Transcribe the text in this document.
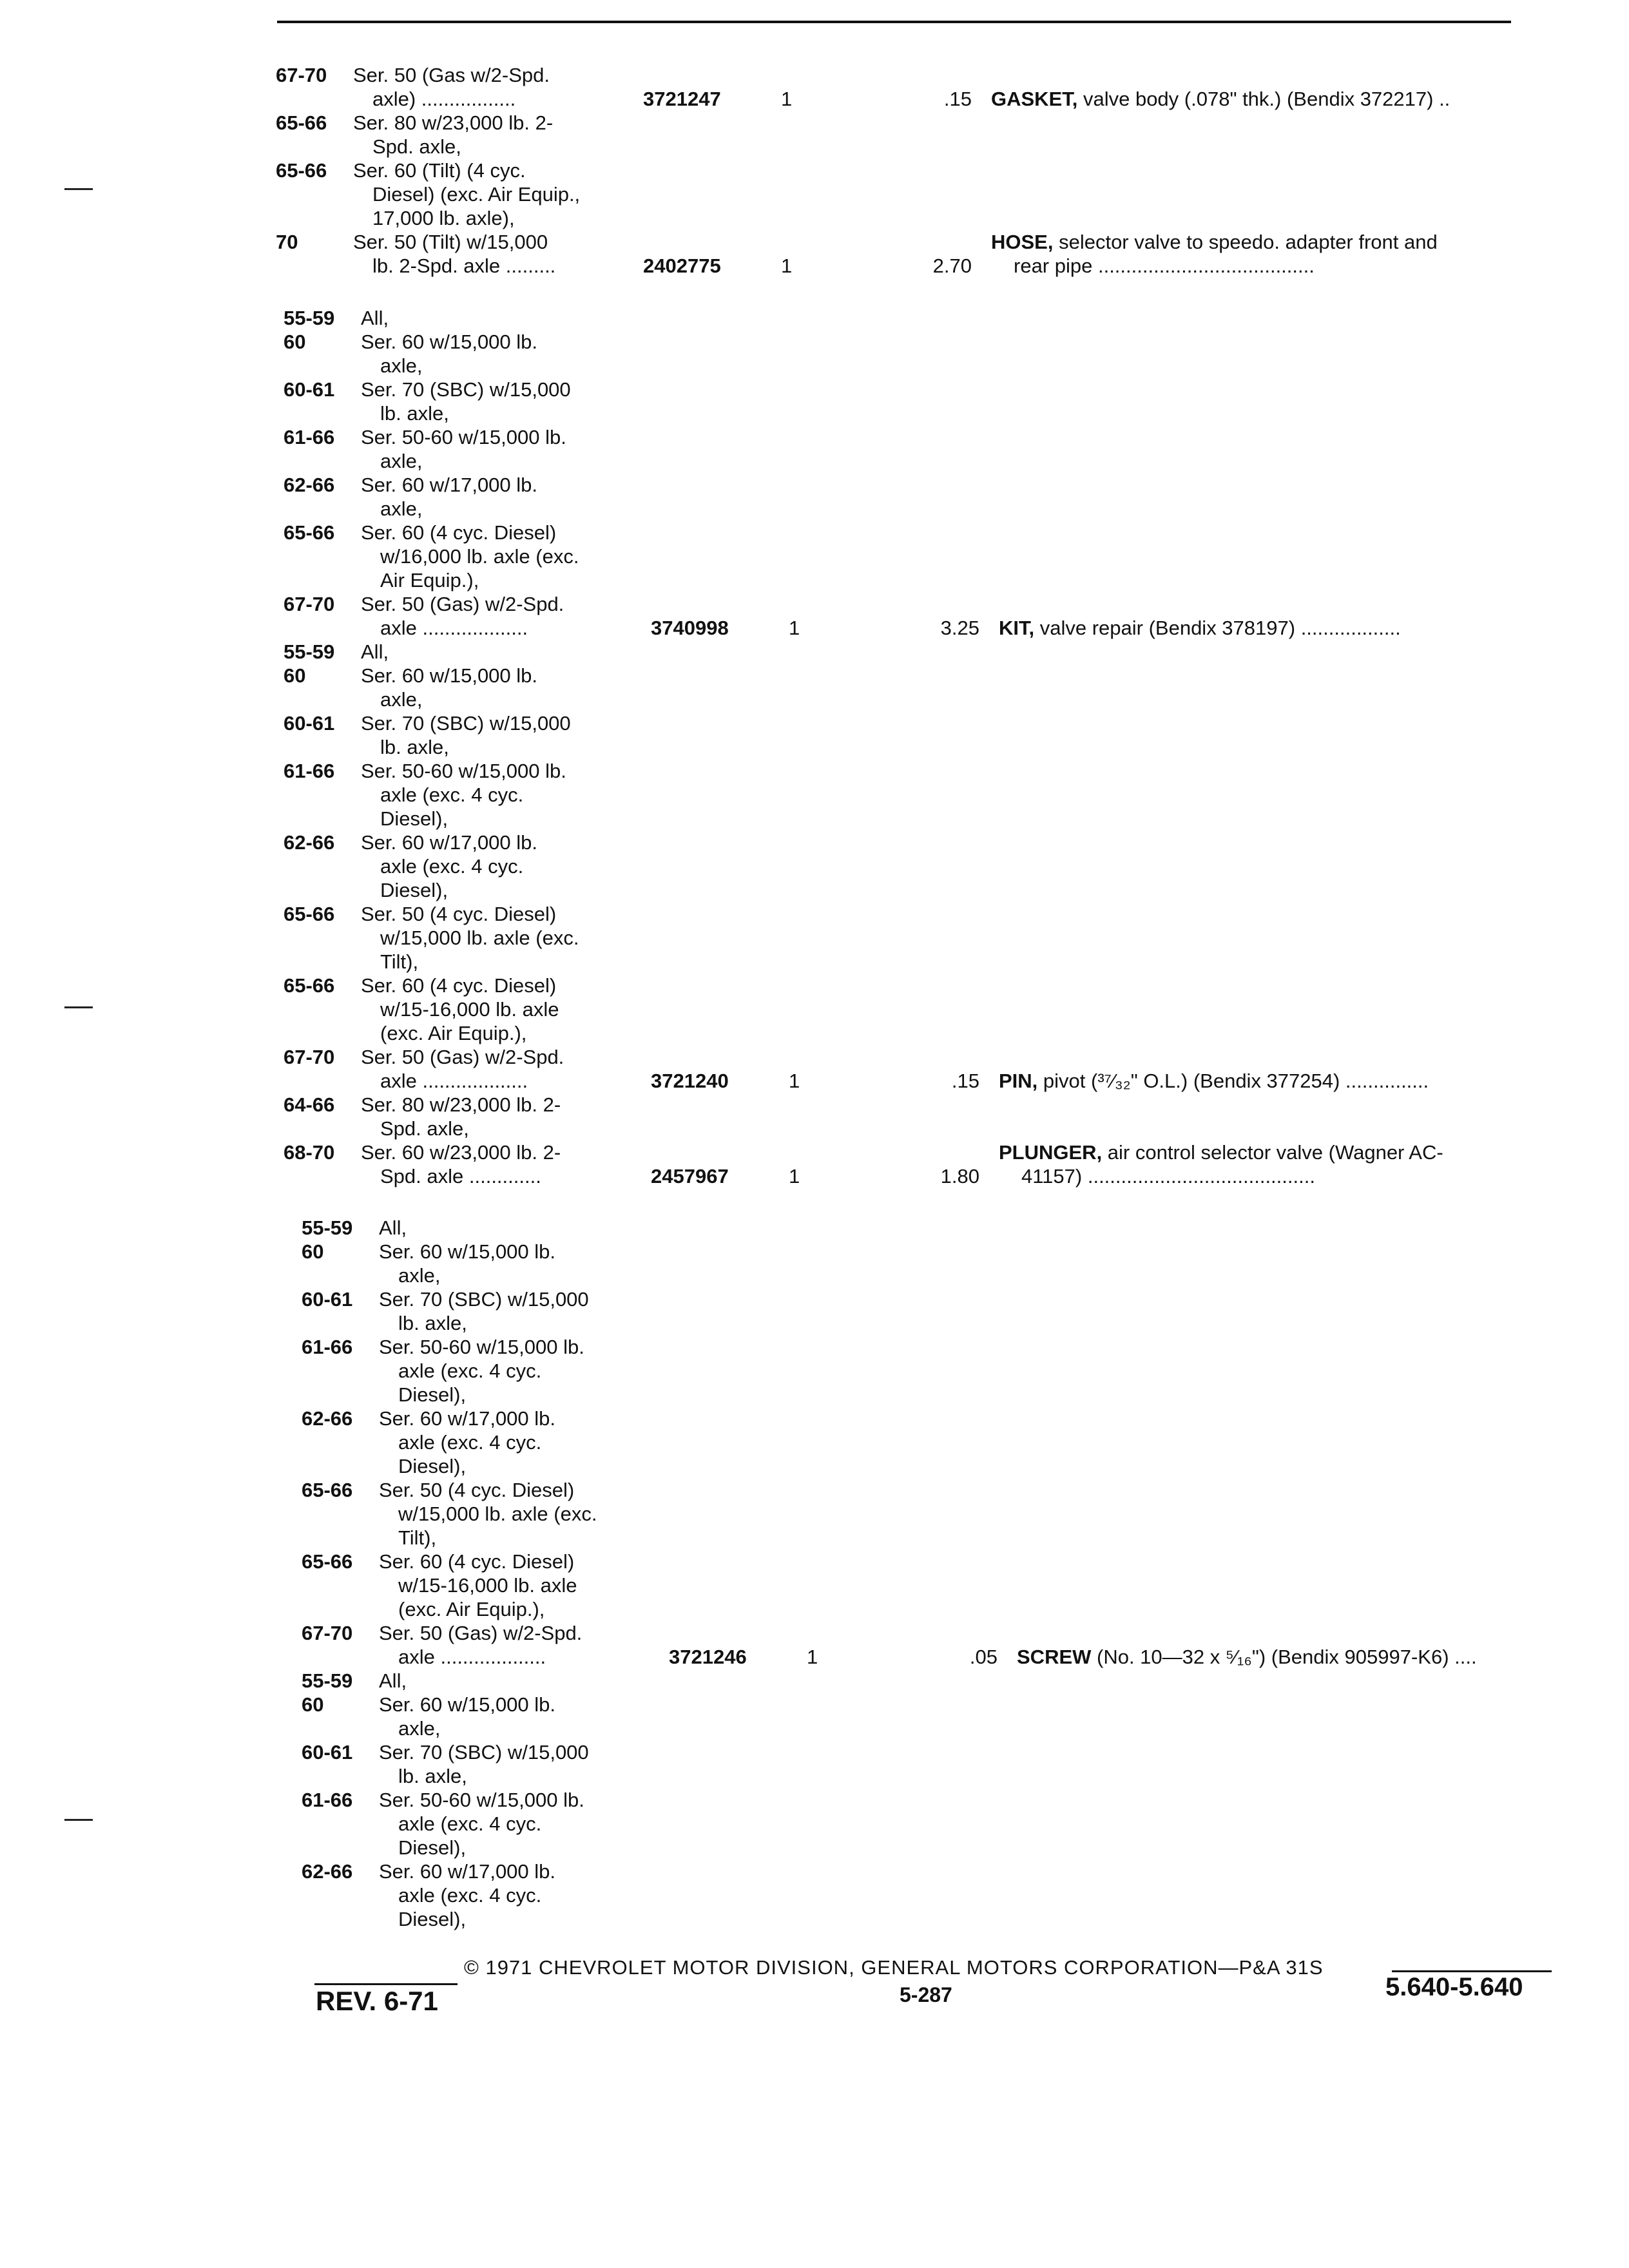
67-70	Ser. 50 (Gas w/2-Spd.
axle) .................	3721247	1	.15 GASKET, valve body (.078" thk.) (Bendix 372217) ..
65-66	Ser. 80 w/23,000 lb. 2-
Spd. axle,
65-66	Ser. 60 (Tilt) (4 cyc.
Diesel) (exc. Air Equip.,
17,000 lb. axle),
70	Ser. 50 (Tilt) w/15,000	HOSE, selector valve to speedo. adapter front and
lb. 2-Spd. axle .........	2402775	1	2.70 rear pipe .......................................
55-59	All,
60	Ser. 60 w/15,000 lb.
axle,
60-61	Ser. 70 (SBC) w/15,000
lb. axle,
61-66	Ser. 50-60 w/15,000 lb.
axle,
62-66	Ser. 60 w/17,000 lb.
axle,
65-66	Ser. 60 (4 cyc. Diesel)
w/16,000 lb. axle (exc.
Air Equip.),
67-70	Ser. 50 (Gas) w/2-Spd.
axle ...................	3740998	1	3.25 KIT, valve repair (Bendix 378197) ..................
55-59	All,
60	Ser. 60 w/15,000 lb.
axle,
60-61	Ser. 70 (SBC) w/15,000
lb. axle,
61-66	Ser. 50-60 w/15,000 lb.
axle (exc. 4 cyc.
Diesel),
62-66	Ser. 60 w/17,000 lb.
axle (exc. 4 cyc.
Diesel),
65-66	Ser. 50 (4 cyc. Diesel)
w/15,000 lb. axle (exc.
Tilt),
65-66	Ser. 60 (4 cyc. Diesel)
w/15-16,000 lb. axle
(exc. Air Equip.),
67-70	Ser. 50 (Gas) w/2-Spd.
axle ...................	3721240	1	.15 PIN, pivot (³⁷⁄₃₂" O.L.) (Bendix 377254) ...............
64-66	Ser. 80 w/23,000 lb. 2-
Spd. axle,
68-70	Ser. 60 w/23,000 lb. 2-	PLUNGER, air control selector valve (Wagner AC-
Spd. axle .............	2457967	1	1.80 41157) .........................................
55-59	All,
60	Ser. 60 w/15,000 lb.
axle,
60-61	Ser. 70 (SBC) w/15,000
lb. axle,
61-66	Ser. 50-60 w/15,000 lb.
axle (exc. 4 cyc.
Diesel),
62-66	Ser. 60 w/17,000 lb.
axle (exc. 4 cyc.
Diesel),
65-66	Ser. 50 (4 cyc. Diesel)
w/15,000 lb. axle (exc.
Tilt),
65-66	Ser. 60 (4 cyc. Diesel)
w/15-16,000 lb. axle
(exc. Air Equip.),
67-70	Ser. 50 (Gas) w/2-Spd.
axle ...................	3721246	1	.05 SCREW (No. 10—32 x ⁵⁄₁₆") (Bendix 905997-K6) ....
55-59	All,
60	Ser. 60 w/15,000 lb.
axle,
60-61	Ser. 70 (SBC) w/15,000
lb. axle,
61-66	Ser. 50-60 w/15,000 lb.
axle (exc. 4 cyc.
Diesel),
62-66	Ser. 60 w/17,000 lb.
axle (exc. 4 cyc.
Diesel),
© 1971 CHEVROLET MOTOR DIVISION, GENERAL MOTORS CORPORATION—P&A 31S
REV. 6-71	5-287	5.640-5.640
